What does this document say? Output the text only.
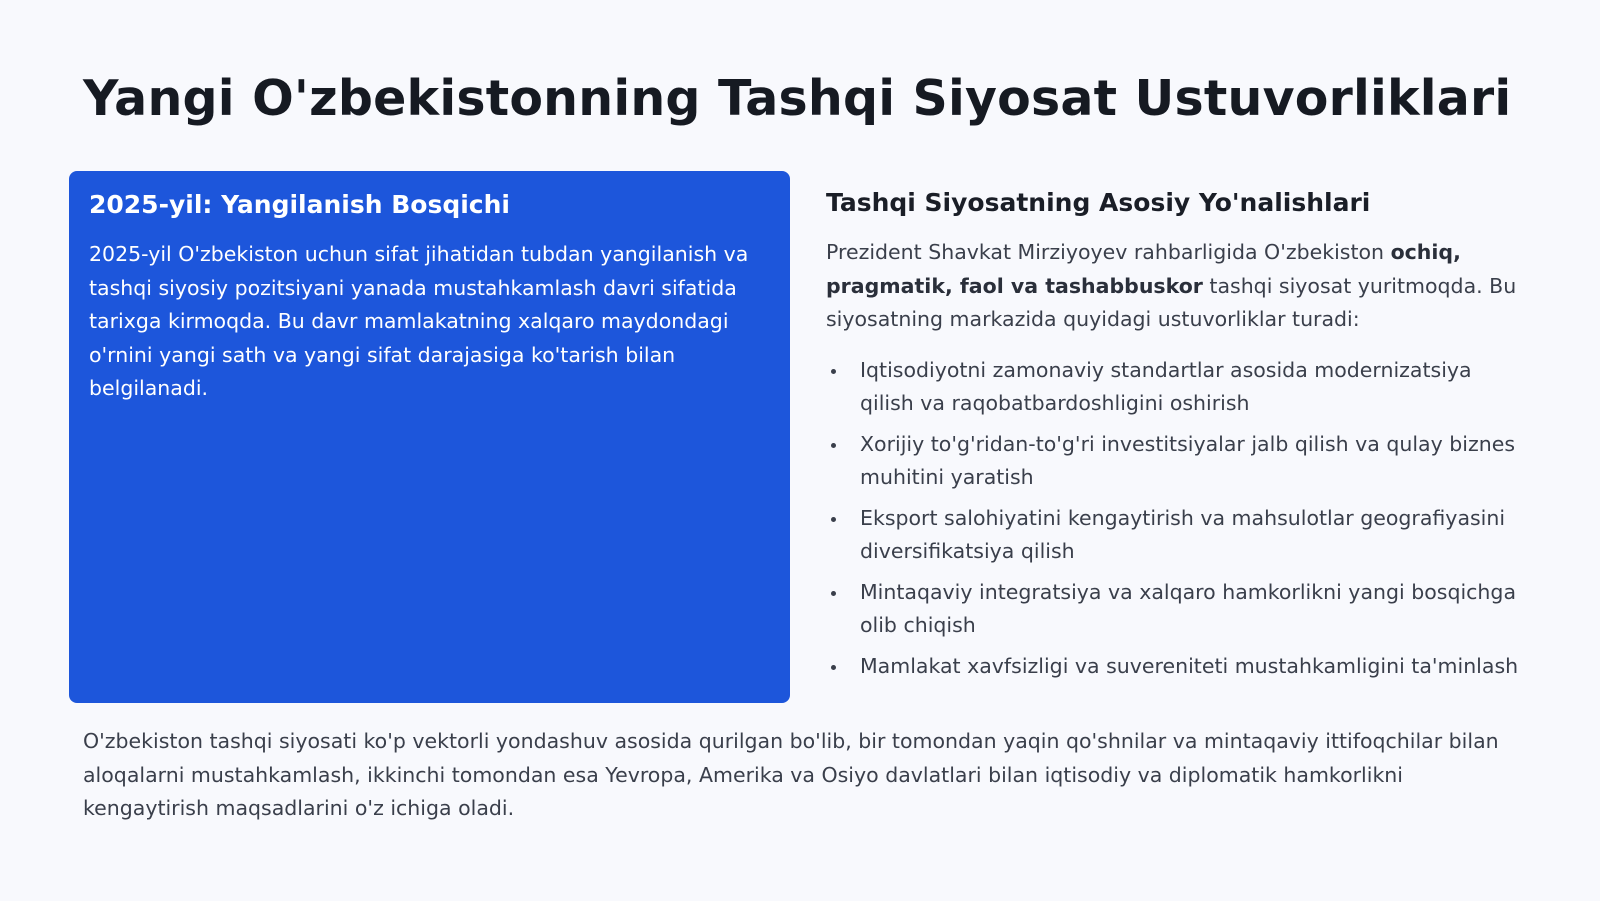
Yangi O'zbekistonning Tashqi Siyosat Ustuvorliklari
2025-yil: Yangilanish Bosqichi

2025-yil O'zbekiston uchun sifat jihatidan tubdan yangilanish va tashqi siyosiy pozitsiyani yanada mustahkamlash davri sifatida tarixga kirmoqda. Bu davr mamlakatning xalqaro maydondagi o'rnini yangi sath va yangi sifat darajasiga ko'tarish bilan belgilanadi.

Tashqi Siyosatning Asosiy Yo'nalishlari

Prezident Shavkat Mirziyoyev rahbarligida O'zbekiston ochiq, pragmatik, faol va tashabbuskor tashqi siyosat yuritmoqda. Bu siyosatning markazida quyidagi ustuvorliklar turadi:

Iqtisodiyotni zamonaviy standartlar asosida modernizatsiya qilish va raqobatbardoshligini oshirish
Xorijiy to'g'ridan-to'g'ri investitsiyalar jalb qilish va qulay biznes muhitini yaratish
Eksport salohiyatini kengaytirish va mahsulotlar geografiyasini diversifikatsiya qilish
Mintaqaviy integratsiya va xalqaro hamkorlikni yangi bosqichga olib chiqish
Mamlakat xavfsizligi va suvereniteti mustahkamligini ta'minlash

O'zbekiston tashqi siyosati ko'p vektorli yondashuv asosida qurilgan bo'lib, bir tomondan yaqin qo'shnilar va mintaqaviy ittifoqchilar bilan aloqalarni mustahkamlash, ikkinchi tomondan esa Yevropa, Amerika va Osiyo davlatlari bilan iqtisodiy va diplomatik hamkorlikni kengaytirish maqsadlarini o'z ichiga oladi.
